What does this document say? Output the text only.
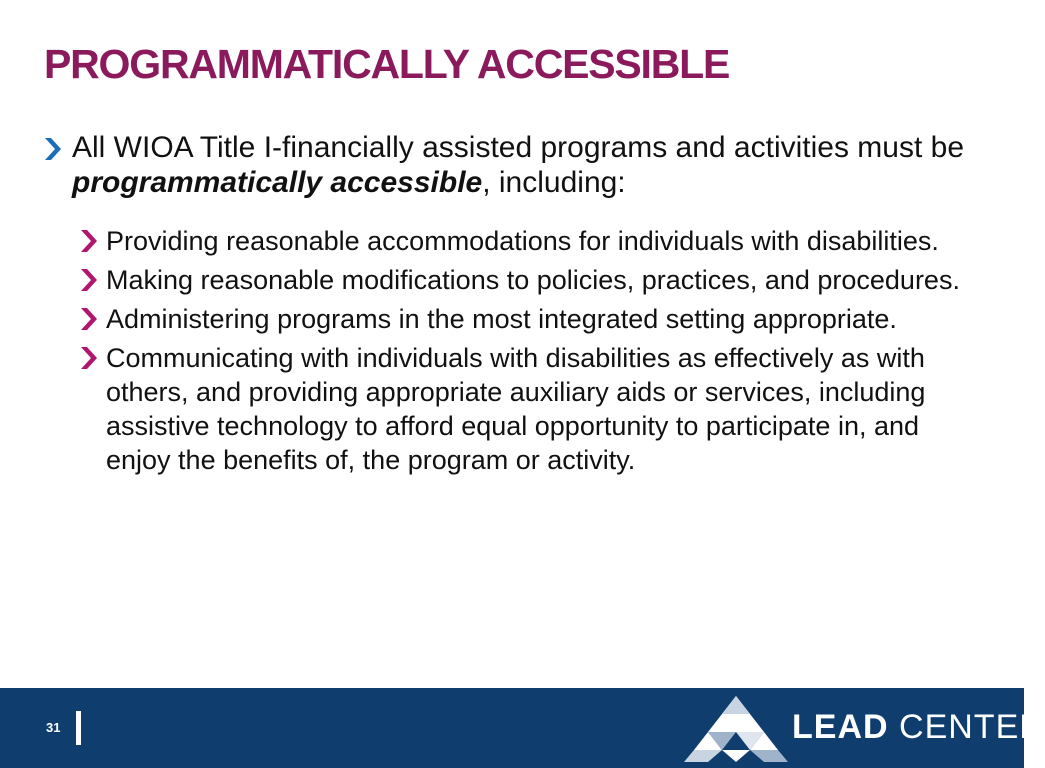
PROGRAMMATICALLY ACCESSIBLE
All WIOA Title I-financially assisted programs and activities must be programmatically accessible, including:
Providing reasonable accommodations for individuals with disabilities.
Making reasonable modifications to policies, practices, and procedures.
Administering programs in the most integrated setting appropriate.
Communicating with individuals with disabilities as effectively as with others, and providing appropriate auxiliary aids or services, including assistive technology to afford equal opportunity to participate in, and enjoy the benefits of, the program or activity.
31	LEAD CENTER
